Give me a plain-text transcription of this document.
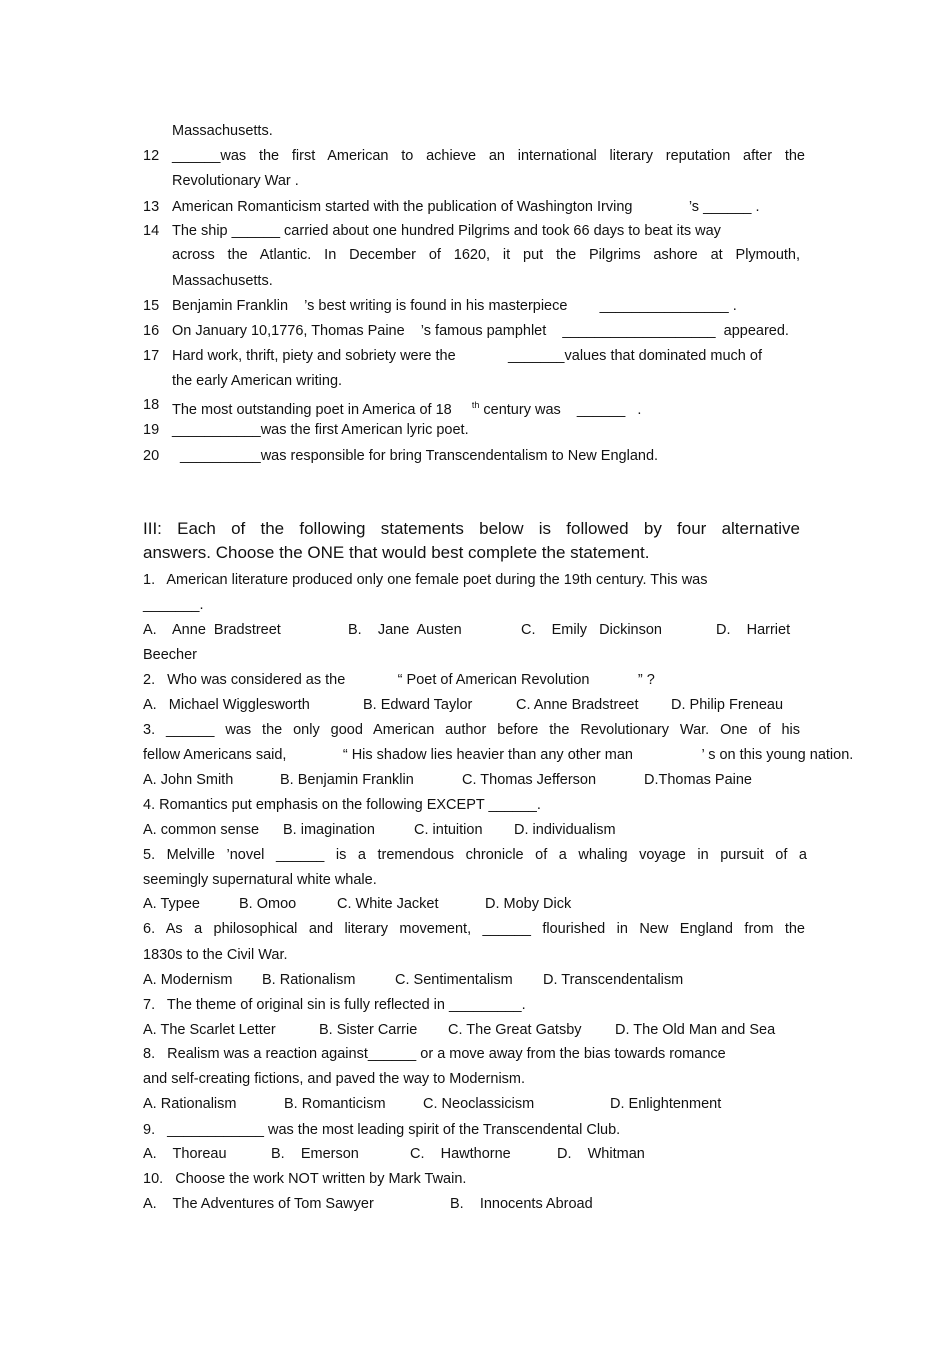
Massachusetts.
12 ______was the first American to achieve an international literary reputation after the
Revolutionary War .
13 American Romanticism started with the publication of Washington Irving              ’s ______ .
14 The ship ______ carried about one hundred Pilgrims and took 66 days to beat its way
across the Atlantic. In December of 1620, it put the Pilgrims ashore at Plymouth,
Massachusetts.
15 Benjamin Franklin    ’s best writing is found in his masterpiece        ________________ .
16 On January 10,1776, Thomas Paine    ’s famous pamphlet    ___________________  appeared.
17 Hard work, thrift, piety and sobriety were the             _______values that dominated much of
the early American writing.
18 The most outstanding poet in America of 18 $^{th}$ century was    ______   .
19 ___________was the first American lyric poet.
20 __________was responsible for bring Transcendentalism to New England.
III: Each of the following statements below is followed by four alternative
answers. Choose the ONE that would best complete the statement.
1.   American literature produced only one female poet during the 19th century. This was
_______.
A.    Anne  Bradstreet	B.    Jane  Austen	C.    Emily   Dickinson	D.    Harriet
Beecher
2.   Who was considered as the             “ Poet of American Revolution            ” ?
A.   Michael Wigglesworth	B. Edward Taylor	C. Anne Bradstreet D. Philip Freneau
3. ______ was the only good American author before the Revolutionary War. One of his
fellow Americans said,              “ His shadow lies heavier than any other man                 ’ s on this young nation.
A. John Smith	B. Benjamin Franklin	C. Thomas Jefferson	D.Thomas Paine
4. Romantics put emphasis on the following EXCEPT ______.
A. common sense B. imagination	C. intuition D. individualism
5. Melville ’novel ______ is a tremendous chronicle of a whaling voyage in pursuit of a
seemingly supernatural white whale.
A. Typee	B. Omoo	C. White Jacket	D. Moby Dick
6. As a philosophical and literary movement, ______ flourished in New England from the
1830s to the Civil War.
A. Modernism B. Rationalism	C. Sentimentalism D. Transcendentalism
7.   The theme of original sin is fully reflected in _________.
A. The Scarlet Letter	B. Sister Carrie C. The Great Gatsby D. The Old Man and Sea
8.   Realism was a reaction against______ or a move away from the bias towards romance
and self-creating fictions, and paved the way to Modernism.
A. Rationalism	B. Romanticism	C. Neoclassicism	D. Enlightenment
9.   ____________ was the most leading spirit of the Transcendental Club.
A.    Thoreau	B.    Emerson	C.    Hawthorne	D.    Whitman
10.   Choose the work NOT written by Mark Twain.
A.    The Adventures of Tom Sawyer	B.    Innocents Abroad
